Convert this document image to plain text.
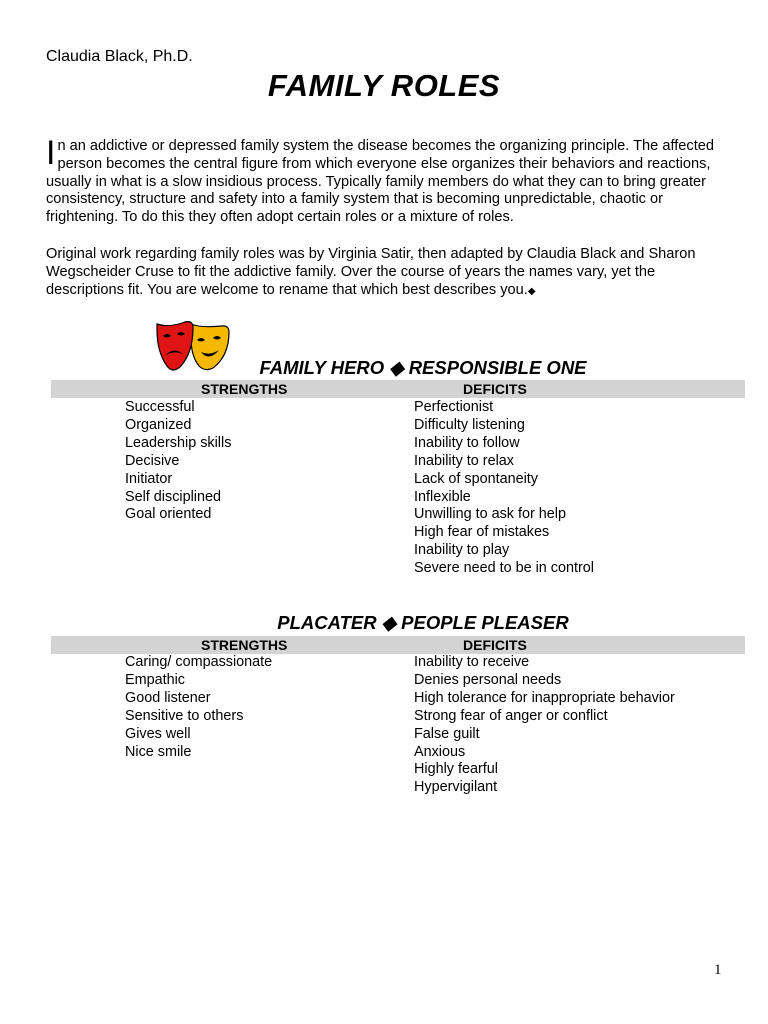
Claudia Black, Ph.D.
FAMILY ROLES
In an addictive or depressed family system the disease becomes the organizing principle. The affected person becomes the central figure from which everyone else organizes their behaviors and reactions, usually in what is a slow insidious process. Typically family members do what they can to bring greater consistency, structure and safety into a family system that is becoming unpredictable, chaotic or frightening. To do this they often adopt certain roles or a mixture of roles.
Original work regarding family roles was by Virginia Satir, then adapted by Claudia Black and Sharon Wegscheider Cruse to fit the addictive family. Over the course of years the names vary, yet the descriptions fit. You are welcome to rename that which best describes you.◆
FAMILY HERO ◆ RESPONSIBLE ONE
STRENGTHS	DEFICITS
Successful
Organized
Leadership skills
Decisive
Initiator
Self disciplined
Goal oriented
Perfectionist
Difficulty listening
Inability to follow
Inability to relax
Lack of spontaneity
Inflexible
Unwilling to ask for help
High fear of mistakes
Inability to play
Severe need to be in control
PLACATER ◆ PEOPLE PLEASER
STRENGTHS	DEFICITS
Caring/ compassionate
Empathic
Good listener
Sensitive to others
Gives well
Nice smile
Inability to receive
Denies personal needs
High tolerance for inappropriate behavior
Strong fear of anger or conflict
False guilt
Anxious
Highly fearful
Hypervigilant
1
